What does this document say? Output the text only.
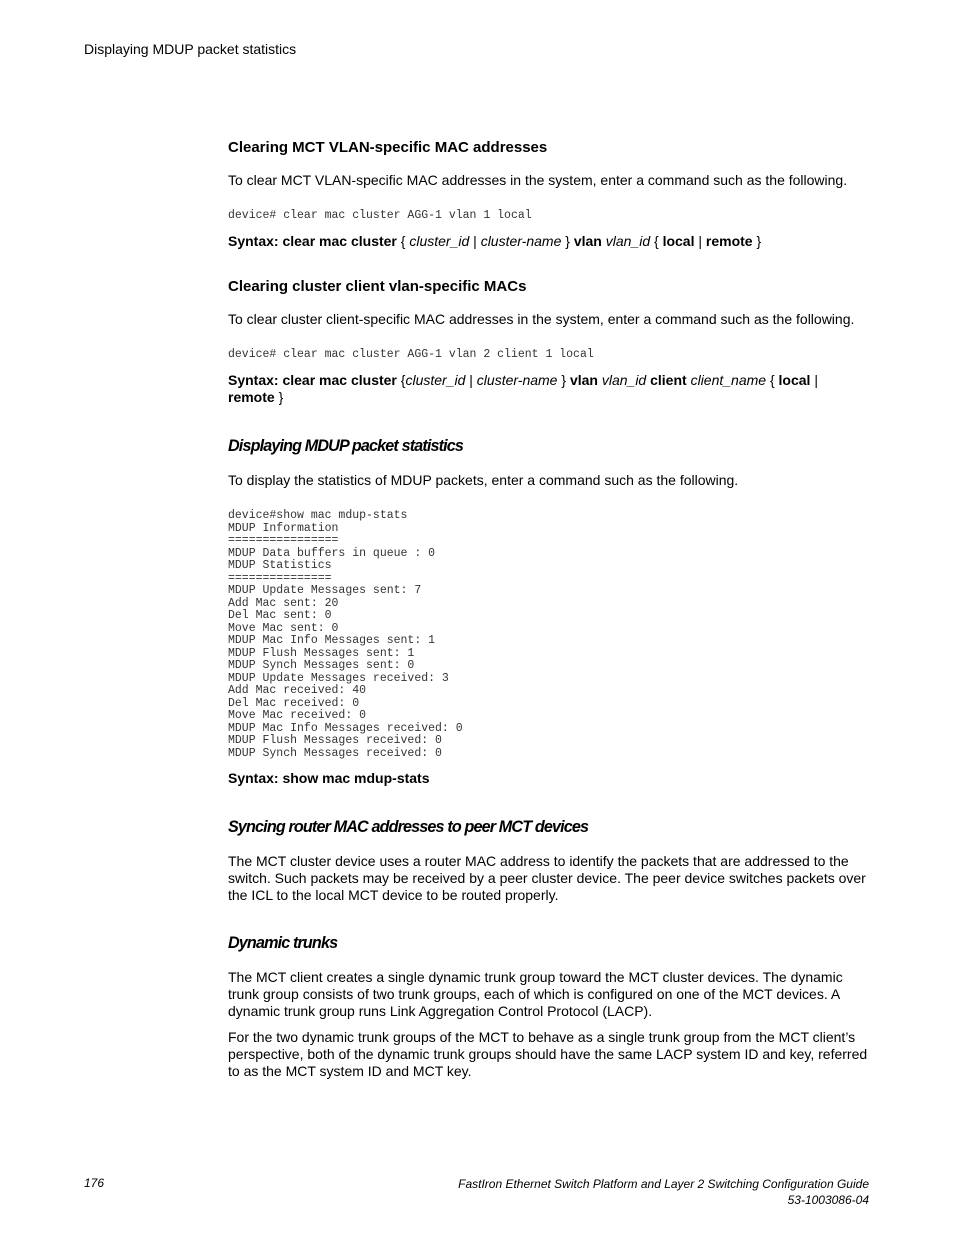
Displaying MDUP packet statistics
Clearing MCT VLAN-specific MAC addresses
To clear MCT VLAN-specific MAC addresses in the system, enter a command such as the following.
device# clear mac cluster AGG-1 vlan 1 local
Syntax: clear mac cluster { cluster_id | cluster-name } vlan vlan_id { local | remote }
Clearing cluster client vlan-specific MACs
To clear cluster client-specific MAC addresses in the system, enter a command such as the following.
device# clear mac cluster AGG-1 vlan 2 client 1 local
Syntax: clear mac cluster {cluster_id | cluster-name } vlan vlan_id client client_name { local |
remote }
Displaying MDUP packet statistics
To display the statistics of MDUP packets, enter a command such as the following.
device#show mac mdup-stats
MDUP Information
================
MDUP Data buffers in queue : 0
MDUP Statistics
===============
MDUP Update Messages sent: 7
Add Mac sent: 20
Del Mac sent: 0
Move Mac sent: 0
MDUP Mac Info Messages sent: 1
MDUP Flush Messages sent: 1
MDUP Synch Messages sent: 0
MDUP Update Messages received: 3
Add Mac received: 40
Del Mac received: 0
Move Mac received: 0
MDUP Mac Info Messages received: 0
MDUP Flush Messages received: 0
MDUP Synch Messages received: 0
Syntax: show mac mdup-stats
Syncing router MAC addresses to peer MCT devices
The MCT cluster device uses a router MAC address to identify the packets that are addressed to the switch. Such packets may be received by a peer cluster device. The peer device switches packets over the ICL to the local MCT device to be routed properly.
Dynamic trunks
The MCT client creates a single dynamic trunk group toward the MCT cluster devices. The dynamic trunk group consists of two trunk groups, each of which is configured on one of the MCT devices. A dynamic trunk group runs Link Aggregation Control Protocol (LACP).
For the two dynamic trunk groups of the MCT to behave as a single trunk group from the MCT client’s perspective, both of the dynamic trunk groups should have the same LACP system ID and key, referred to as the MCT system ID and MCT key.
176	FastIron Ethernet Switch Platform and Layer 2 Switching Configuration Guide
53-1003086-04
